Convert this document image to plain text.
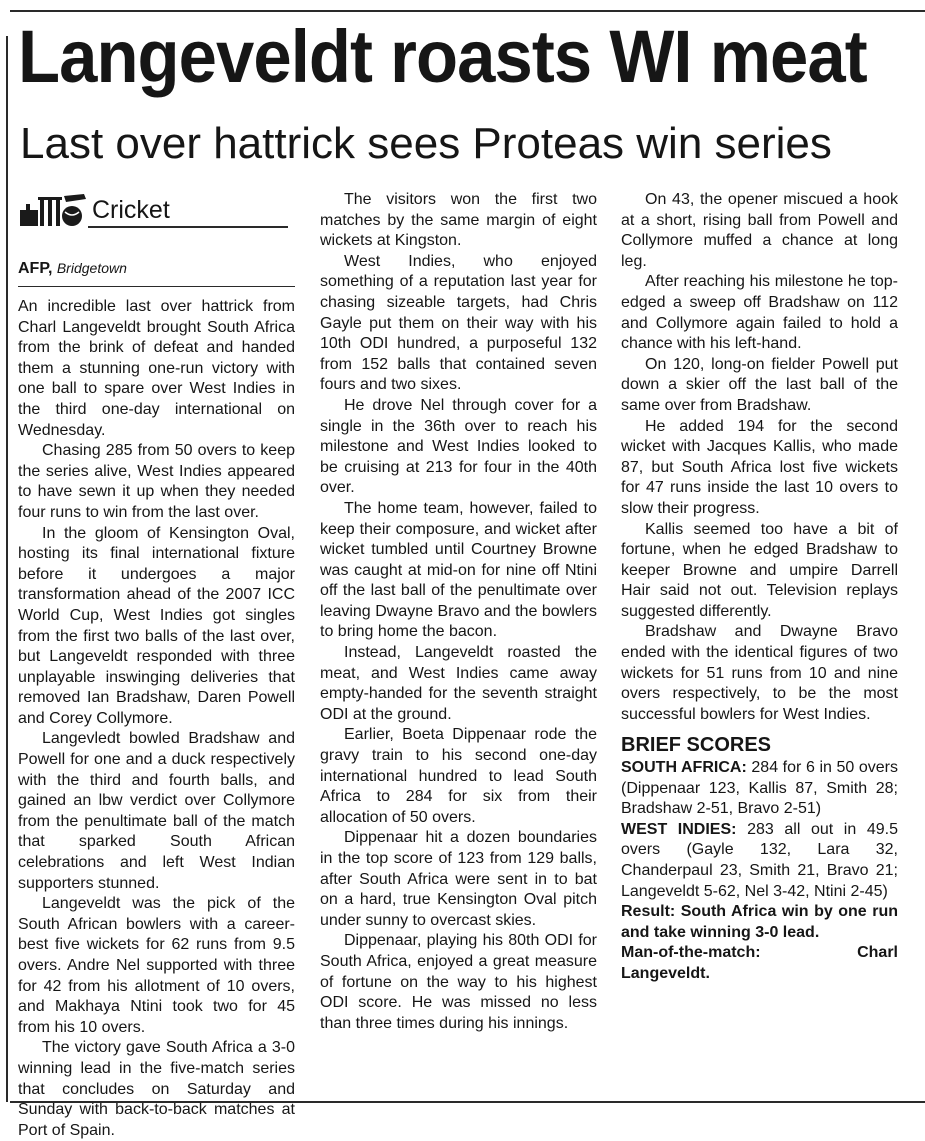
Langeveldt roasts WI meat
Last over hattrick sees Proteas win series
Cricket
AFP, Bridgetown

An incredible last over hattrick from Charl Langeveldt brought South Africa from the brink of defeat and handed them a stunning one-run victory with one ball to spare over West Indies in the third one-day international on Wednesday.

Chasing 285 from 50 overs to keep the series alive, West Indies appeared to have sewn it up when they needed four runs to win from the last over.

In the gloom of Kensington Oval, hosting its final international fixture before it undergoes a major transformation ahead of the 2007 ICC World Cup, West Indies got singles from the first two balls of the last over, but Langeveldt responded with three unplayable inswinging deliveries that removed Ian Bradshaw, Daren Powell and Corey Collymore.

Langevledt bowled Bradshaw and Powell for one and a duck respectively with the third and fourth balls, and gained an lbw verdict over Collymore from the penultimate ball of the match that sparked South African celebrations and left West Indian supporters stunned.

Langeveldt was the pick of the South African bowlers with a career-best five wickets for 62 runs from 9.5 overs. Andre Nel supported with three for 42 from his allotment of 10 overs, and Makhaya Ntini took two for 45 from his 10 overs.

The victory gave South Africa a 3-0 winning lead in the five-match series that concludes on Saturday and Sunday with back-to-back matches at Port of Spain.

The visitors won the first two matches by the same margin of eight wickets at Kingston.

West Indies, who enjoyed something of a reputation last year for chasing sizeable targets, had Chris Gayle put them on their way with his 10th ODI hundred, a purposeful 132 from 152 balls that contained seven fours and two sixes.

He drove Nel through cover for a single in the 36th over to reach his milestone and West Indies looked to be cruising at 213 for four in the 40th over.

The home team, however, failed to keep their composure, and wicket after wicket tumbled until Courtney Browne was caught at mid-on for nine off Ntini off the last ball of the penultimate over leaving Dwayne Bravo and the bowlers to bring home the bacon.

Instead, Langeveldt roasted the meat, and West Indies came away empty-handed for the seventh straight ODI at the ground.

Earlier, Boeta Dippenaar rode the gravy train to his second one-day international hundred to lead South Africa to 284 for six from their allocation of 50 overs.

Dippenaar hit a dozen boundaries in the top score of 123 from 129 balls, after South Africa were sent in to bat on a hard, true Kensington Oval pitch under sunny to overcast skies.

Dippenaar, playing his 80th ODI for South Africa, enjoyed a great measure of fortune on the way to his highest ODI score. He was missed no less than three times during his innings.

On 43, the opener miscued a hook at a short, rising ball from Powell and Collymore muffed a chance at long leg.

After reaching his milestone he top-edged a sweep off Bradshaw on 112 and Collymore again failed to hold a chance with his left-hand.

On 120, long-on fielder Powell put down a skier off the last ball of the same over from Bradshaw.

He added 194 for the second wicket with Jacques Kallis, who made 87, but South Africa lost five wickets for 47 runs inside the last 10 overs to slow their progress.

Kallis seemed too have a bit of fortune, when he edged Bradshaw to keeper Browne and umpire Darrell Hair said not out. Television replays suggested differently.

Bradshaw and Dwayne Bravo ended with the identical figures of two wickets for 51 runs from 10 and nine overs respectively, to be the most successful bowlers for West Indies.

BRIEF SCORES

SOUTH AFRICA: 284 for 6 in 50 overs (Dippenaar 123, Kallis 87, Smith 28; Bradshaw 2-51, Bravo 2-51)

WEST INDIES: 283 all out in 49.5 overs (Gayle 132, Lara 32, Chanderpaul 23, Smith 21, Bravo 21; Langeveldt 5-62, Nel 3-42, Ntini 2-45)

Result: South Africa win by one run and take winning 3-0 lead.

Man-of-the-match: Charl Langeveldt.
